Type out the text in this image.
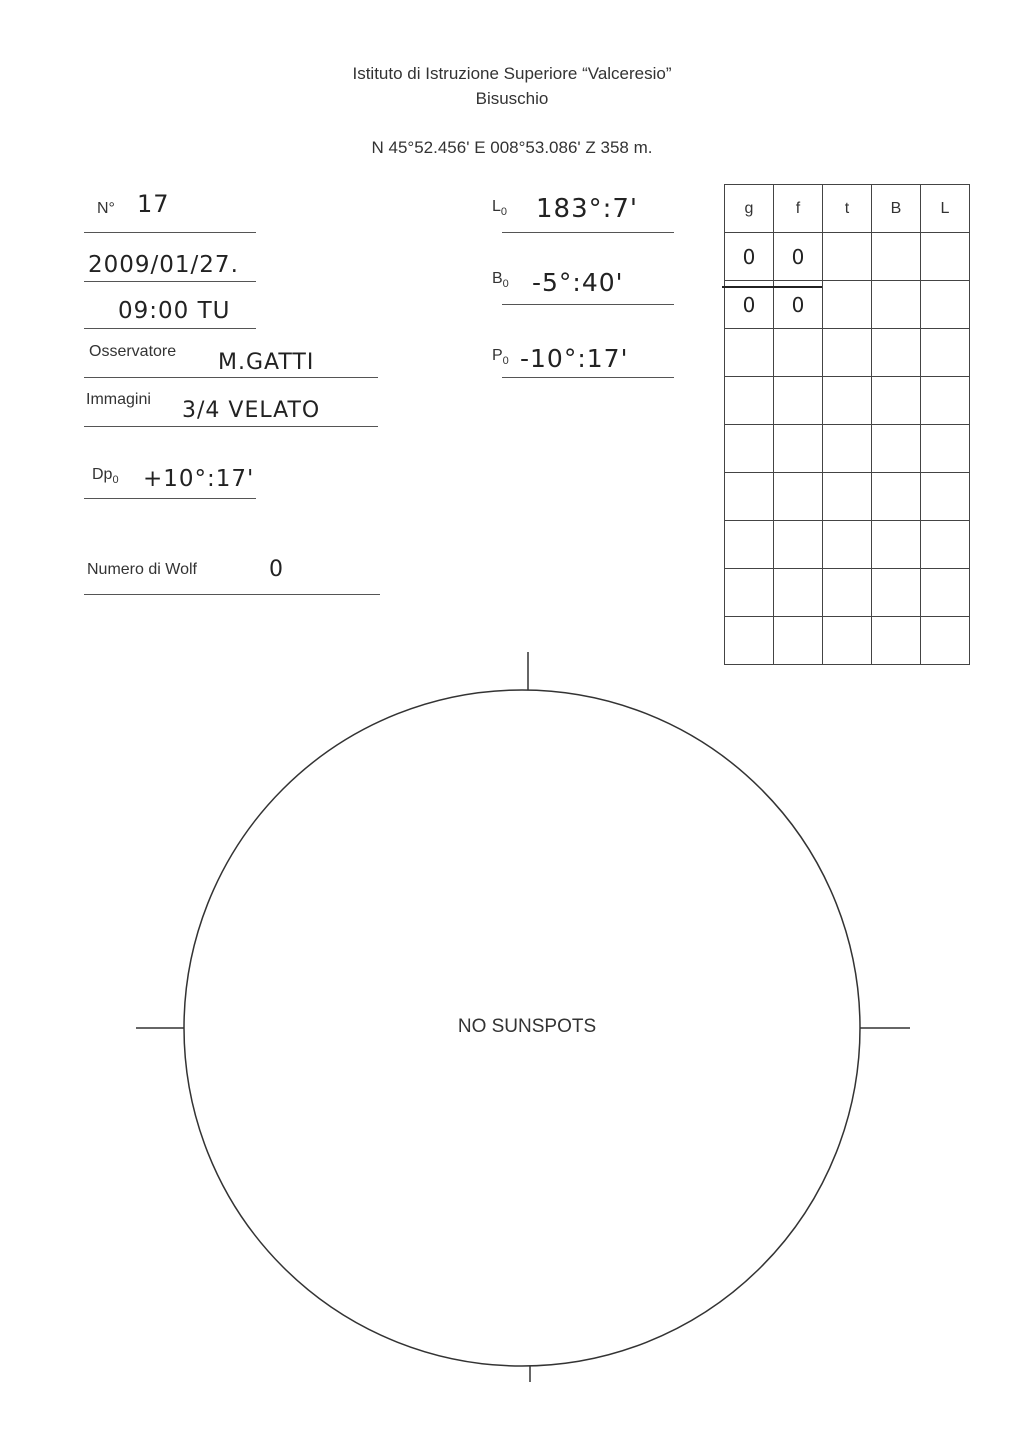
Istituto di Istruzione Superiore “Valceresio”
Bisuschio
N 45°52.456' E 008°53.086' Z 358 m.
N° 17
2009/01/27.
09:00 TU
Osservatore M.GATTI
Immagini 3/4 VELATO
$Dp_0$ +10°:17'
Numero di Wolf	0
$L_0$ 183°:7'
$B_0$ -5°:40'
$P_0$ -10°:17'
g	f	t	B	L
0	0			
0	0			

NO SUNSPOTS
